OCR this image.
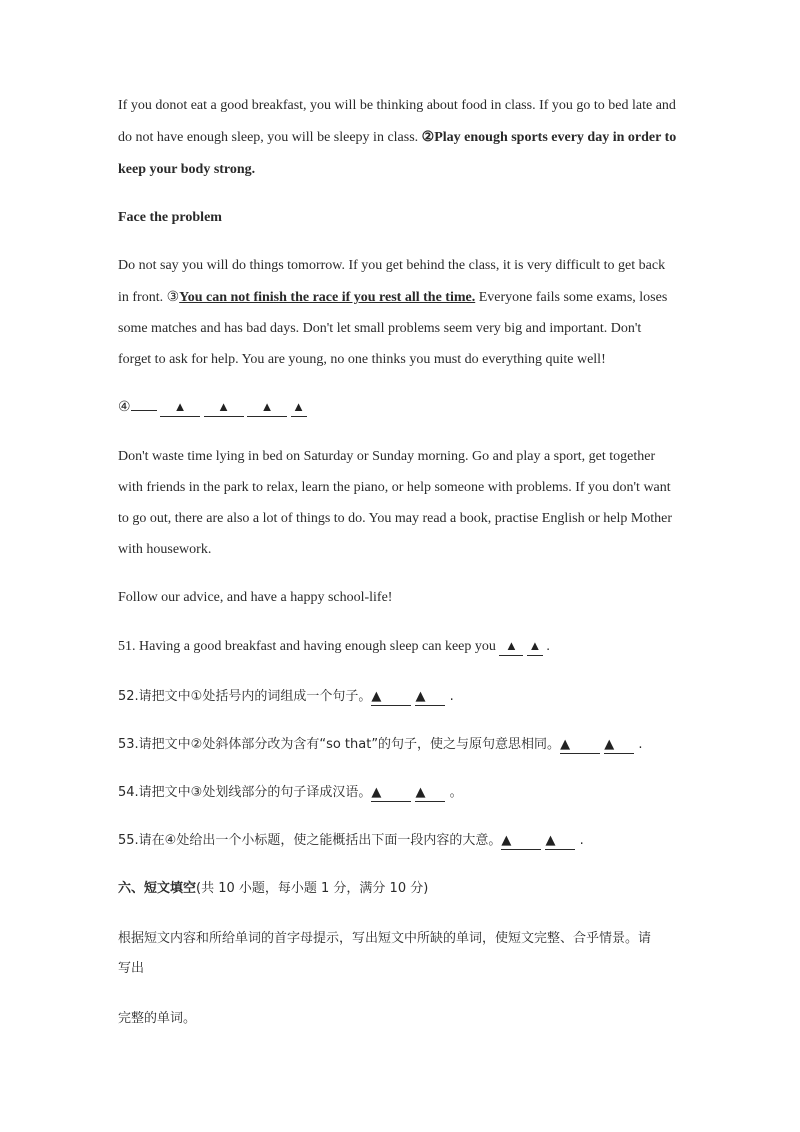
If you donot eat a good breakfast, you will be thinking about food in class. If you go to bed late and
do not have enough sleep, you will be sleepy in class. ②Play enough sports every day in order to
keep your body strong.
Face the problem
Do not say you will do things tomorrow. If you get behind the class, it is very difficult to get back
in front. ③You can not finish the race if you rest all the time. Everyone fails some exams, loses
some matches and has bad days. Don't let small problems seem very big and important. Don't
forget to ask for help. You are young, no one thinks you must do everything quite well!
④	▲ ▲ ▲ ▲
Don't waste time lying in bed on Saturday or Sunday morning. Go and play a sport, get together
with friends in the park to relax, learn the piano, or help someone with problems. If you don't want
to go out, there are also a lot of things to do. You may read a book, practise English or help Mother
with housework.
Follow our advice, and have a happy school-life!
51. Having a good breakfast and having enough sleep can keep you ▲ ▲ .
52.请把文中①处括号内的词组成一个句子。▲	▲ .
53.请把文中②处斜体部分改为含有“so that”的句子，使之与原句意思相同。▲	▲ .
54.请把文中③处划线部分的句子译成汉语。▲	▲ 。
55.请在④处给出一个小标题，使之能概括出下面一段内容的大意。▲	▲ .
六、短文填空(共 10 小题，每小题 1 分，满分 10 分)
根据短文内容和所给单词的首字母提示，写出短文中所缺的单词，使短文完整、合乎情景。请
写出
完整的单词。
